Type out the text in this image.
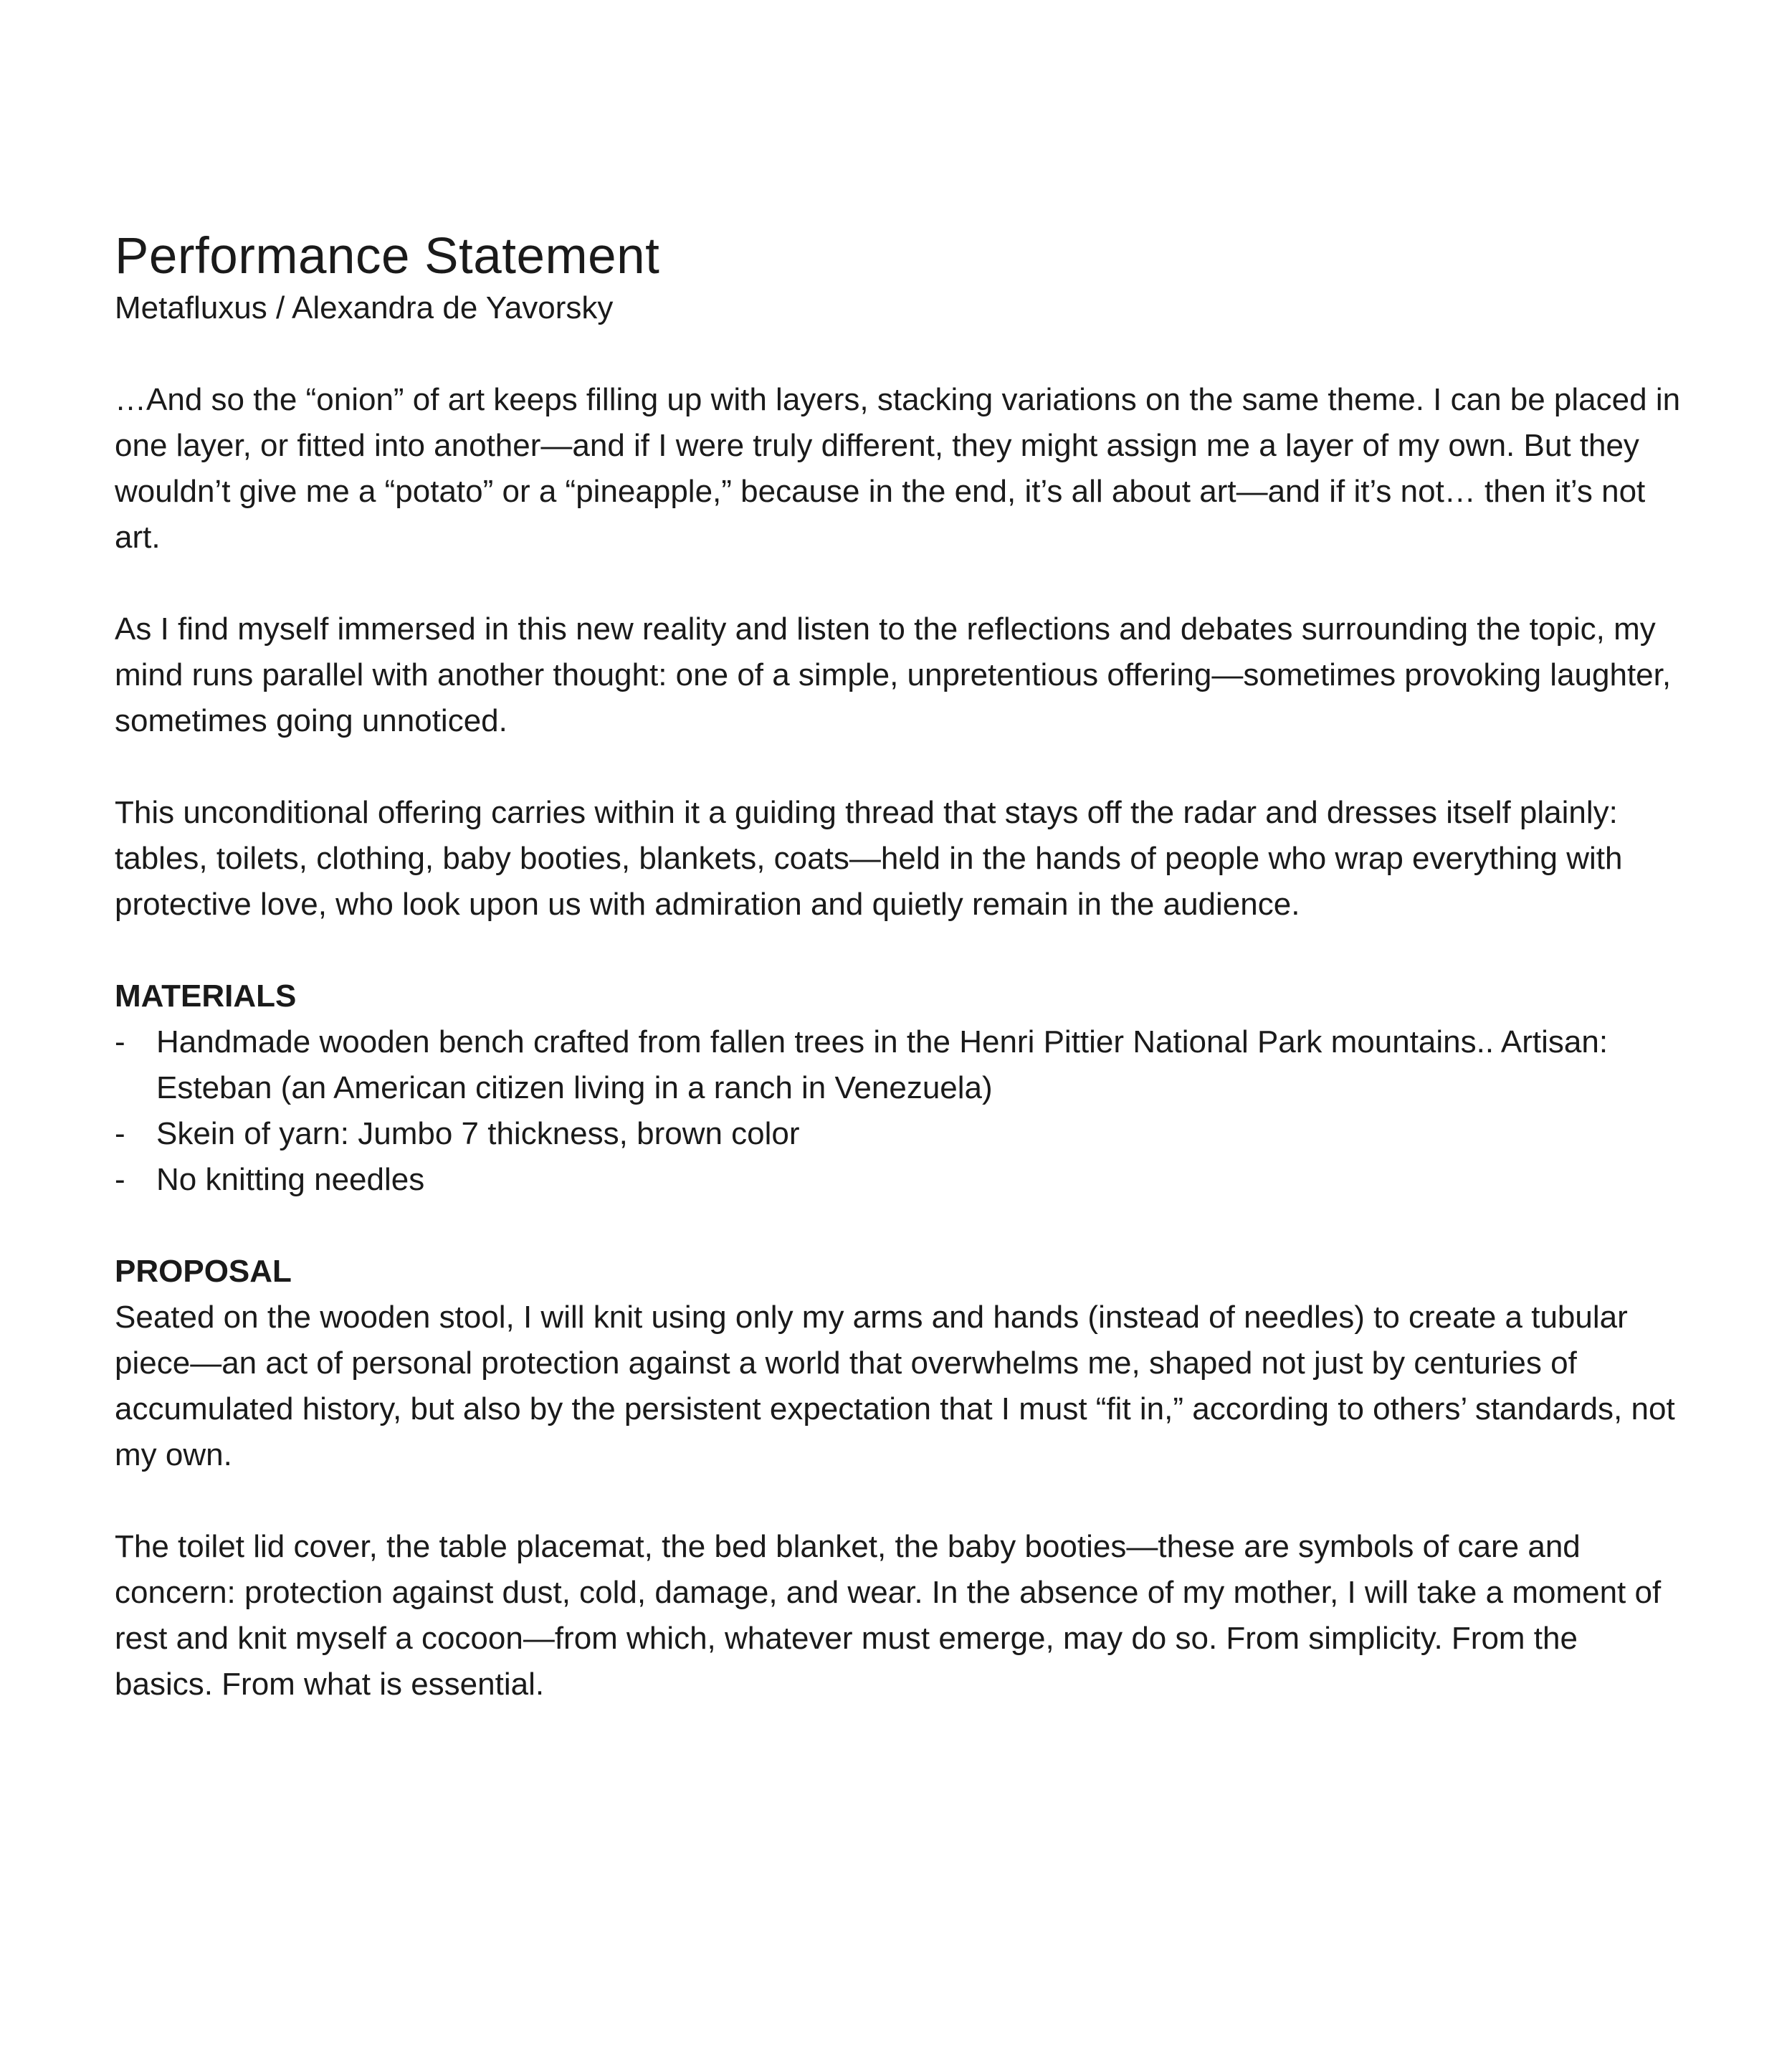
Performance Statement

Metafluxus / Alexandra de Yavorsky

…And so the “onion” of art keeps filling up with layers, stacking variations on the same theme. I can be placed in one layer, or fitted into another—and if I were truly different, they might assign me a layer of my own. But they wouldn’t give me a “potato” or a “pineapple,” because in the end, it’s all about art—and if it’s not… then it’s not art.

As I find myself immersed in this new reality and listen to the reflections and debates surrounding the topic, my mind runs parallel with another thought: one of a simple, unpretentious offering—sometimes provoking laughter, sometimes going unnoticed.

This unconditional offering carries within it a guiding thread that stays off the radar and dresses itself plainly: tables, toilets, clothing, baby booties, blankets, coats—held in the hands of people who wrap everything with protective love, who look upon us with admiration and quietly remain in the audience.

MATERIALS
- Handmade wooden bench crafted from fallen trees in the Henri Pittier National Park mountains.. Artisan: Esteban (an American citizen living in a ranch in Venezuela)
- Skein of yarn: Jumbo 7 thickness, brown color
- No knitting needles
PROPOSAL

Seated on the wooden stool, I will knit using only my arms and hands (instead of needles) to create a tubular piece—an act of personal protection against a world that overwhelms me, shaped not just by centuries of accumulated history, but also by the persistent expectation that I must “fit in,” according to others’ standards, not my own.

The toilet lid cover, the table placemat, the bed blanket, the baby booties—these are symbols of care and concern: protection against dust, cold, damage, and wear. In the absence of my mother, I will take a moment of rest and knit myself a cocoon—from which, whatever must emerge, may do so. From simplicity. From the basics. From what is essential.
